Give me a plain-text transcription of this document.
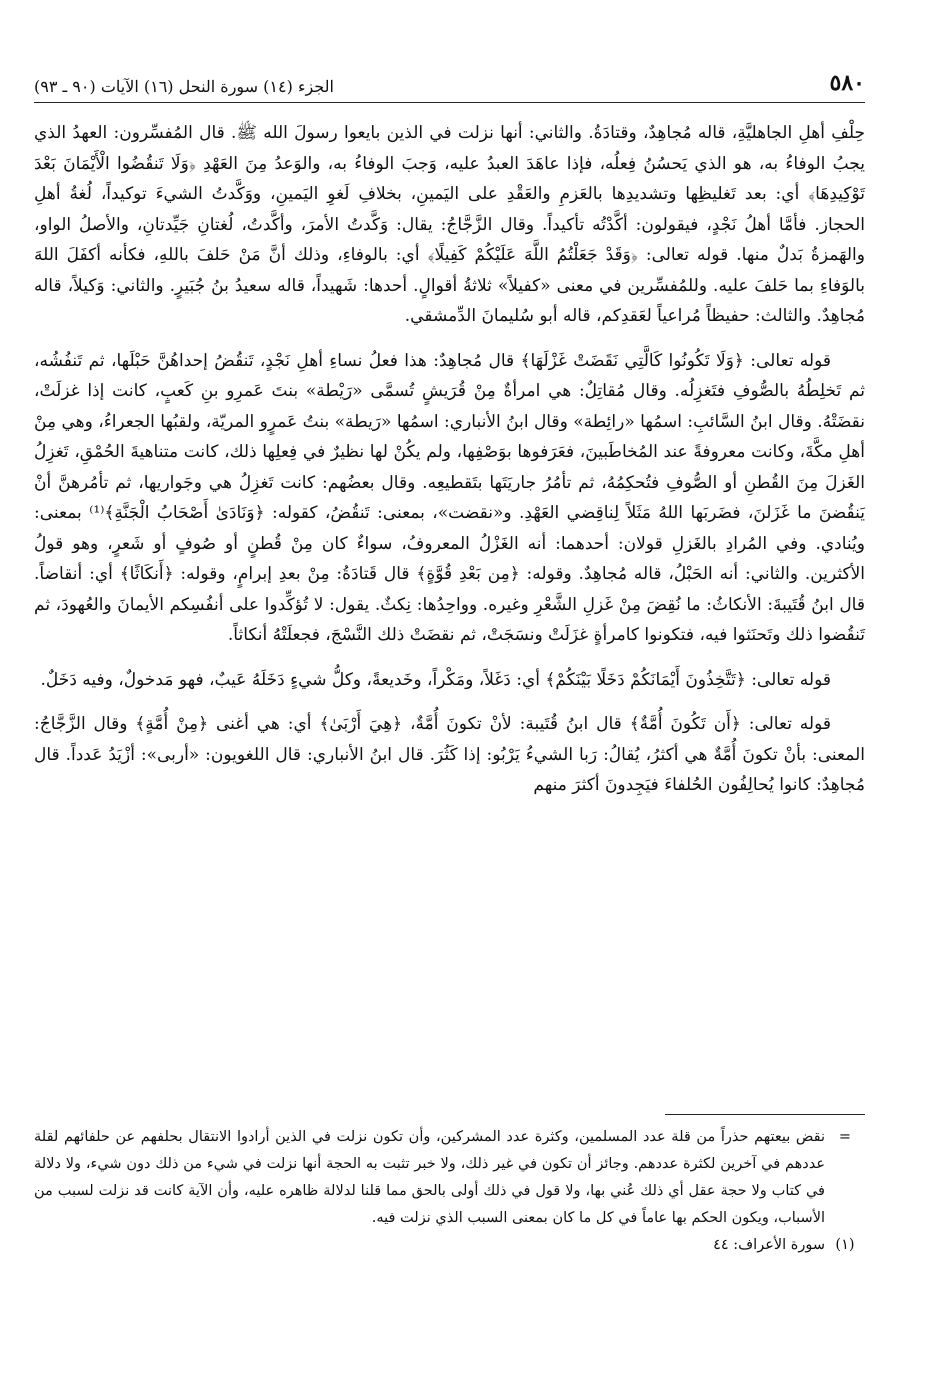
٥٨٠
الجزء (١٤) سورة النحل (١٦) الآيات (٩٠ ـ ٩٣)

حِلْفِ أهلِ الجاهليَّةِ، قاله مُجاهِدٌ، وقتادَةُ. والثاني: أنها نزلت في الذين بايعوا رسولَ الله ﷺ. قال المُفسِّرون: العهدُ الذي يجبُ الوفاءُ به، هو الذي يَحسُنُ فِعلُه، فإذا عاهَدَ العبدُ عليه، وَجبَ الوفاءُ به، والوَعدُ مِنَ العَهْدِ ﴿وَلَا تَنقُضُوا الْأَيْمَانَ بَعْدَ تَوْكِيدِهَا﴾ أي: بعد تَغليظِها وتشديدِها بالعَزمِ والعَقْدِ على اليَمينِ، بخلافِ لَغوِ اليَمينِ، ووَكَّدتُ الشيءَ توكيداً، لُغةُ أهلِ الحجاز. فأمَّا أهلُ نَجْدٍ، فيقولون: أكَّدْتُه تأكيداً. وقال الزَّجَّاجُ: يقال: وَكَّدتُ الأمرَ، وأكَّدتُ، لُغتانِ جَيِّدتانِ، والأصلُ الواو، والهَمزةُ بَدلٌ منها. قوله تعالى: ﴿وَقَدْ جَعَلْتُمُ اللَّهَ عَلَيْكُمْ كَفِيلًا﴾ أي: بالوفاءِ، وذلك أنَّ مَنْ حَلفَ باللهِ، فكأنه أكفَلَ اللهَ بالوَفاءِ بما حَلفَ عليه. وللمُفسِّرين في معنى «كفيلاً» ثلاثةُ أقوالٍ. أحدها: شَهيداً، قاله سعيدُ بنُ جُبَيرٍ. والثاني: وَكيلاً، قاله مُجاهِدٌ. والثالث: حفيظاً مُراعياً لعَقدِكم، قاله أبو سُليمانَ الدِّمشقي.

قوله تعالى: ﴿وَلَا تَكُونُوا كَالَّتِي نَقَضَتْ غَزْلَهَا﴾ قال مُجاهِدٌ: هذا فعلُ نساءِ أهلِ نَجْدٍ، تَنقُضُ إحداهُنَّ حَبْلَها، ثم تَنفُشُه، ثم تَخلِطُهُ بالصُّوفِ فتَغزِلُه. وقال مُقاتِلٌ: هي امرأةٌ مِنْ قُرَيشٍ تُسمَّى «رَيْطة» بنتَ عَمرِو بنِ كَعبٍ، كانت إذا غزلَتْ، نقضَتْهُ. وقال ابنُ السَّائبِ: اسمُها «رائِطة» وقال ابنُ الأنباري: اسمُها «رَيطة» بنتُ عَمرٍو المريّة، ولقبُها الجعراءُ، وهي مِنْ أهلِ مكَّةَ، وكانت معروفةً عند المُخاطَبينَ، فعَرَفوها بوَصْفِها، ولم يكُنْ لها نظيرٌ في فِعلِها ذلك، كانت متناهيةَ الحُمْقِ، تَغزِلُ الغَزلَ مِنَ القُطنِ أو الصُّوفِ فتُحكِمُهُ، ثم تأمُرُ جاريَتَها بتَقطيعِه. وقال بعضُهم: كانت تَغزِلُ هي وجَواريها، ثم تأمُرهنَّ أنْ يَنقُضنَ ما غَزَلنَ، فضَربَها اللهُ مَثَلاً لِناقِضي العَهْدِ. و«نقضت»، بمعنى: تَنقُضُ، كقوله: ﴿وَنَادَىٰ أَصْحَابُ الْجَنَّةِ﴾⁽¹⁾ بمعنى: ويُنادي. وفي المُرادِ بالغَزلِ قولان: أحدهما: أنه الغَزْلُ المعروفُ، سواءٌ كان مِنْ قُطنٍ أو صُوفٍ أو شَعرٍ، وهو قولُ الأكثرين. والثاني: أنه الحَبْلُ، قاله مُجاهِدٌ. وقوله: ﴿مِن بَعْدِ قُوَّةٍ﴾ قال قَتادَةُ: مِنْ بعدِ إبرامٍ، وقوله: ﴿أَنكَاثًا﴾ أي: أنقاضاً. قال ابنُ قُتَيبةَ: الأنكاثُ: ما نُقِضَ مِنْ غَزلِ الشَّعْرِ وغيره. وواحِدُها: نِكثٌ. يقول: لا تُؤكِّدوا على أنفُسِكم الأيمانَ والعُهودَ، ثم تَنقُضوا ذلك وتَحنَثوا فيه، فتكونوا كامرأةٍ غزَلَتْ ونسَجَتْ، ثم نقضَتْ ذلك النَّسْجَ، فجعلَتْهُ أنكاثاً.

قوله تعالى: ﴿تَتَّخِذُونَ أَيْمَانَكُمْ دَخَلًا بَيْنَكُمْ﴾ أي: دَغَلاً، ومَكْراً، وخَديعةً، وكلُّ شيءٍ دَخَلَهُ عَيبٌ، فهو مَدخولٌ، وفيه دَخَلٌ.

قوله تعالى: ﴿أَن تَكُونَ أُمَّةٌ﴾ قال ابنُ قُتَيبة: لأنْ تكونَ أُمَّةٌ، ﴿هِيَ أَرْبَىٰ﴾ أي: هي أغنى ﴿مِنْ أُمَّةٍ﴾ وقال الزَّجَّاجُ: المعنى: بأنْ تكونَ أُمَّةٌ هي أكثرُ، يُقالُ: رَبا الشيءُ يَرْبُو: إذا كَثُرَ. قال ابنُ الأنباري: قال اللغويون: «أربى»: أزْيَدُ عَدداً. قال مُجاهِدٌ: كانوا يُحالِفُون الحُلفاءَ فيَجِدونَ أكثرَ منهم

=
نقض بيعتهم حذراً من قلة عدد المسلمين، وكثرة عدد المشركين، وأن تكون نزلت في الذين أرادوا الانتقال بحلفهم عن حلفائهم لقلة عددهم في آخرين لكثرة عددهم. وجائز أن تكون في غير ذلك، ولا خبر تثبت به الحجة أنها نزلت في شيء من ذلك دون شيء، ولا دلالة في كتاب ولا حجة عقل أي ذلك عُني بها، ولا قول في ذلك أولى بالحق مما قلنا لدلالة ظاهره عليه، وأن الآية كانت قد نزلت لسبب من الأسباب، ويكون الحكم بها عاماً في كل ما كان بمعنى السبب الذي نزلت فيه.
(١)
سورة الأعراف: ٤٤
